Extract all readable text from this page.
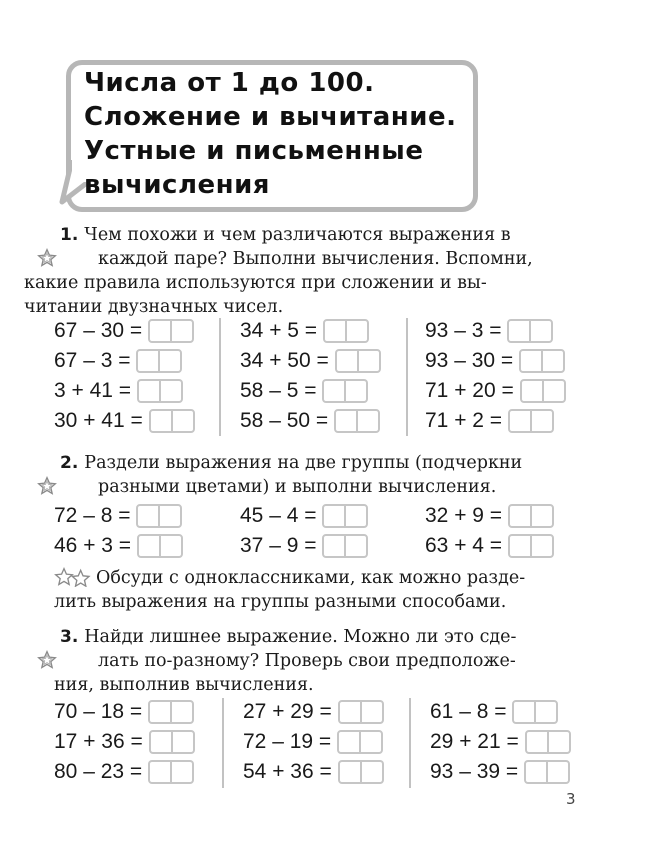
Числа от 1 до 100.
Сложение и вычитание.
Устные и письменные
вычисления
1. Чем похожи и чем различаются выражения в
каждой паре? Выполни вычисления. Вспомни,
какие правила используются при сложении и вы-
читании двузначных чисел.
67 – 30 =
67 – 3 =
3 + 41 =
30 + 41 =
34 + 5 =
34 + 50 =
58 – 5 =
58 – 50 =
93 – 3 =
93 – 30 =
71 + 20 =
71 + 2 =
2. Раздели выражения на две группы (подчеркни
разными цветами) и выполни вычисления.
72 – 8 =
46 + 3 =
45 – 4 =
37 – 9 =
32 + 9 =
63 + 4 =
Обсуди с одноклассниками, как можно разде-
лить выражения на группы разными способами.
3. Найди лишнее выражение. Можно ли это сде-
лать по-разному? Проверь свои предположе-
ния, выполнив вычисления.
70 – 18 =
17 + 36 =
80 – 23 =
27 + 29 =
72 – 19 =
54 + 36 =
61 – 8 =
29 + 21 =
93 – 39 =
3
